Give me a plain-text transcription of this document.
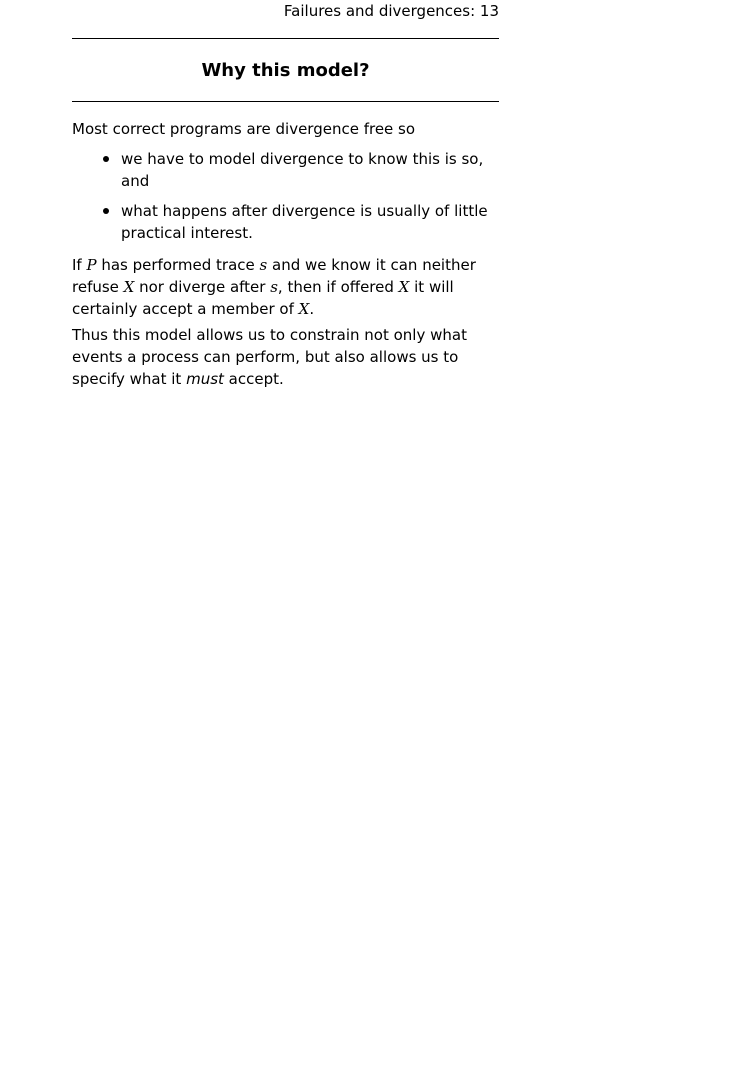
Failures and divergences: 13
Why this model?

Most correct programs are divergence free so

we have to model divergence to know this is so, and
what happens after divergence is usually of little practical interest.

If P has performed trace s and we know it can neither refuse X nor diverge after s, then if offered X it will certainly accept a member of X.

Thus this model allows us to constrain not only what events a process can perform, but also allows us to specify what it must accept.
